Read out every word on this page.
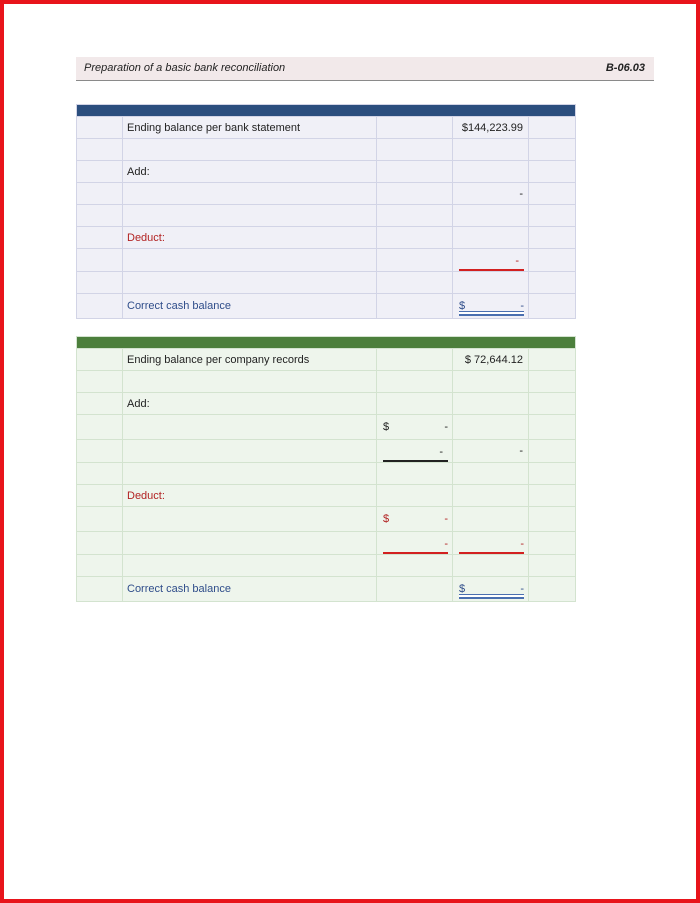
Preparation of a basic bank reconciliation	B-06.03

	Ending balance per bank statement		$144,223.99	

	Add:			
			-	

	Deduct:			

			-	

	Correct cash balance		$ -	

	Ending balance per company records		$ 72,644.12	

	Add:			

		$ -		

		-	-	

	Deduct:			

		$ -		

		-	-	

	Correct cash balance		$ -	
